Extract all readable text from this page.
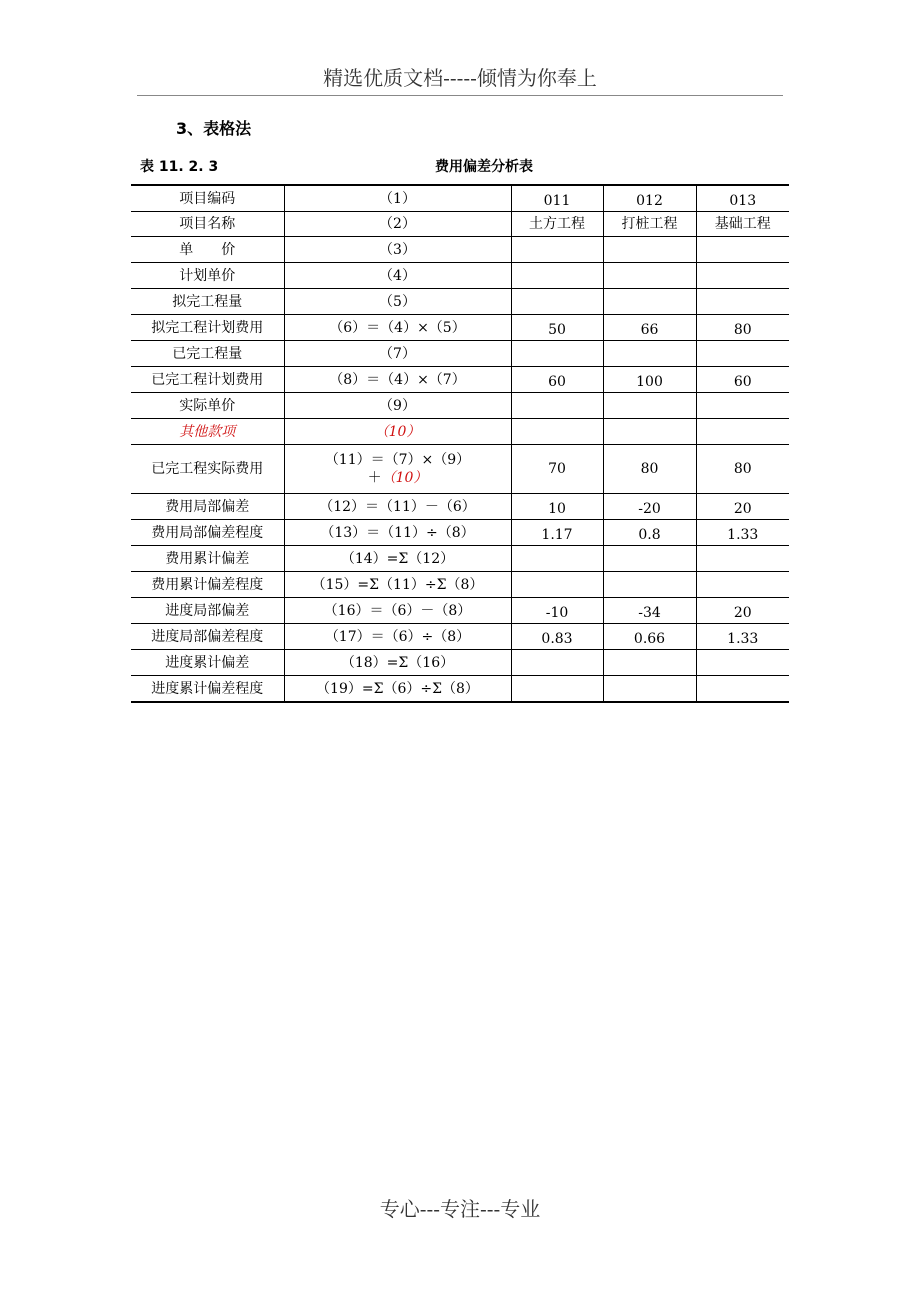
精选优质文档-----倾情为你奉上
3、表格法
表 11. 2. 3	费用偏差分析表
项目编码	（1）	011	012	013
项目名称	（2）	土方工程	打桩工程	基础工程
单　　价	（3）			
计划单价	（4）			
拟完工程量	（5）			
拟完工程计划费用	（6）＝（4）×（5）	50	66	80
已完工程量	（7）			
已完工程计划费用	（8）＝（4）×（7）	60	100	60
实际单价	（9）			
其他款项	（10）			
已完工程实际费用	（11）＝（7）×（9）
＋（10）	70	80	80
费用局部偏差	（12）＝（11）－（6）	10	-20	20
费用局部偏差程度	（13）＝（11）÷（8）	1.17	0.8	1.33
费用累计偏差	（14）=Σ（12）			
费用累计偏差程度	（15）=Σ（11）÷Σ（8）			
进度局部偏差	（16）＝（6）－（8）	-10	-34	20
进度局部偏差程度	（17）＝（6）÷（8）	0.83	0.66	1.33
进度累计偏差	（18）=Σ（16）			
进度累计偏差程度	（19）=Σ（6）÷Σ（8）			
专心---专注---专业
